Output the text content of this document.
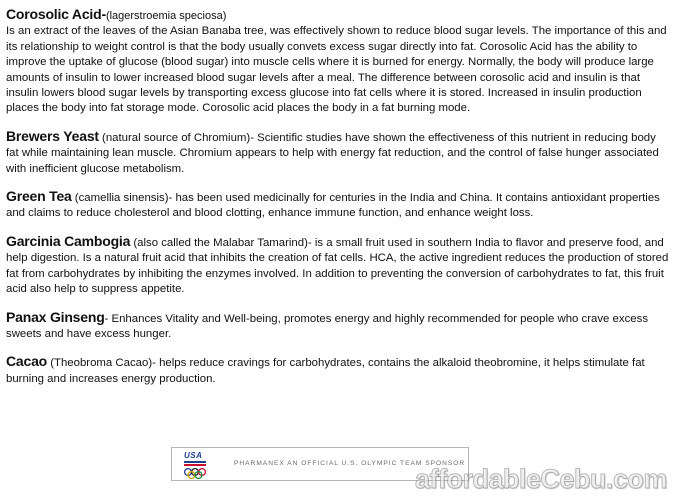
Corosolic Acid-(lagerstroemia speciosa)
Is an extract of the leaves of the Asian Banaba tree, was effectively shown to reduce blood sugar levels. The importance of this and its relationship to weight control is that the body usually convets excess sugar directly into fat. Corosolic Acid has the ability to improve the uptake of glucose (blood sugar) into muscle cells where it is burned for energy. Normally, the body will produce large amounts of insulin to lower increased blood sugar levels after a meal. The difference between corosolic acid and insulin is that insulin lowers blood sugar levels by transporting excess glucose into fat cells where it is stored. Increased in insulin production places the body into fat storage mode. Corosolic acid places the body in a fat burning mode.

Brewers Yeast (natural source of Chromium)- Scientific studies have shown the effectiveness of this nutrient in reducing body fat while maintaining lean muscle. Chromium appears to help with energy fat reduction, and the control of false hunger associated with inefficient glucose metabolism.

Green Tea (camellia sinensis)- has been used medicinally for centuries in the India and China. It contains antioxidant properties and claims to reduce cholesterol and blood clotting, enhance immune function, and enhance weight loss.

Garcinia Cambogia (also called the Malabar Tamarind)- is a small fruit used in southern India to flavor and preserve food, and help digestion. Is a natural fruit acid that inhibits the creation of fat cells. HCA, the active ingredient reduces the production of stored fat from carbohydrates by inhibiting the enzymes involved. In addition to preventing the conversion of carbohydrates to fat, this fruit acid also help to suppress appetite.

Panax Ginseng- Enhances Vitality and Well-being, promotes energy and highly recommended for people who crave excess sweets and have excess hunger.

Cacao (Theobroma Cacao)- helps reduce cravings for carbohydrates, contains the alkaloid theobromine, it helps stimulate fat burning and increases energy production.

USA
PHARMANEX AN OFFICIAL U.S. OLYMPIC TEAM SPONSOR
affordableCebu.com
